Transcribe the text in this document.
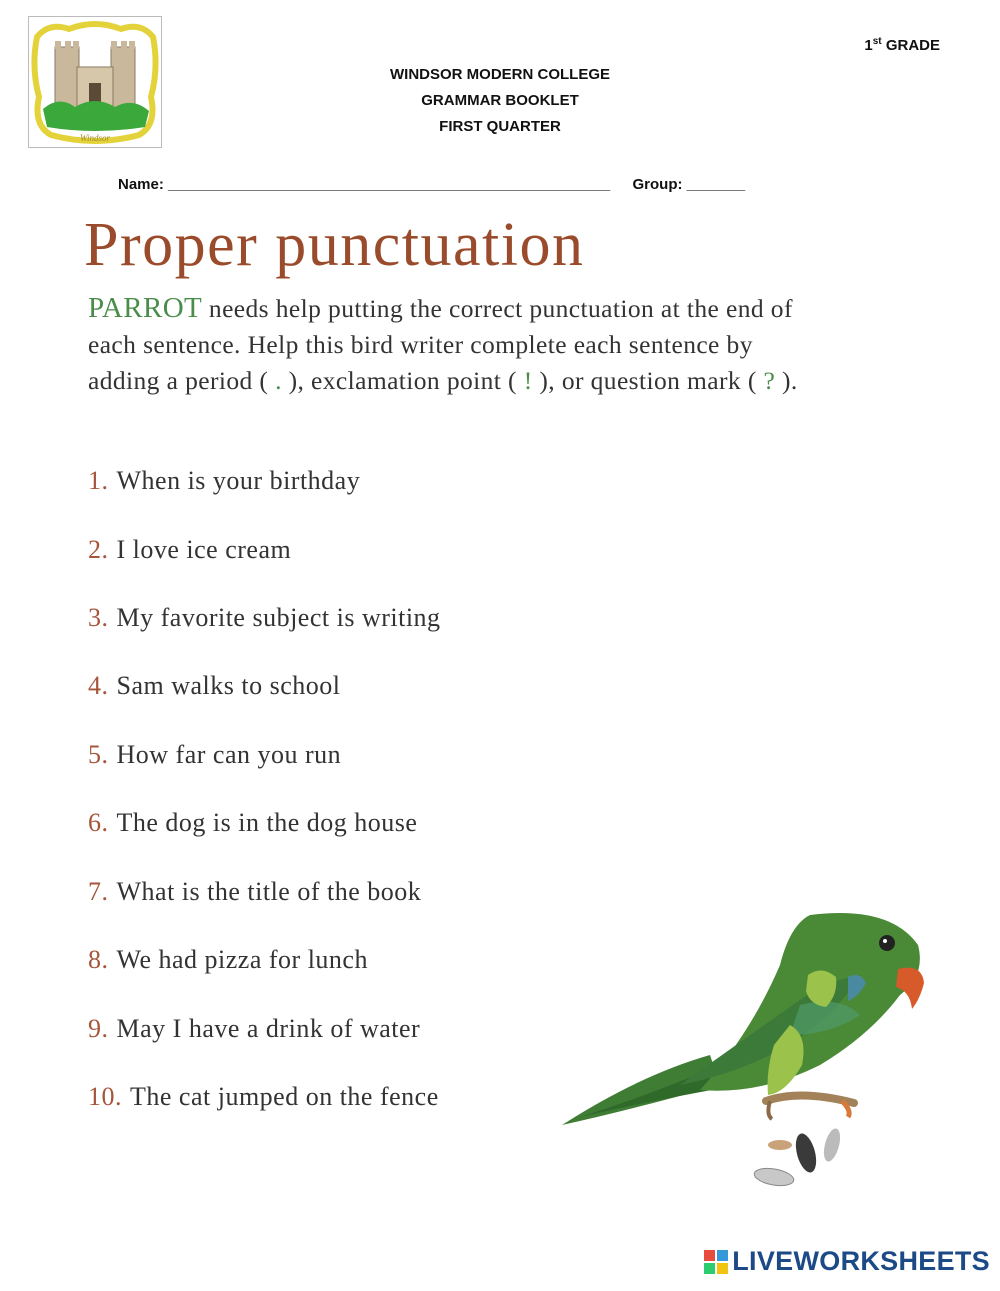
Windsor
1st GRADE
WINDSOR MODERN COLLEGE
GRAMMAR BOOKLET
FIRST QUARTER
Name: _____________________________________________________ Group: _______
Proper punctuation
PARROT needs help putting the correct punctuation at the end of each sentence. Help this bird writer complete each sentence by adding a period ( . ), exclamation point ( ! ), or question mark ( ? ).
1. When is your birthday
2. I love ice cream
3. My favorite subject is writing
4. Sam walks to school
5. How far can you run
6. The dog is in the dog house
7. What is the title of the book
8. We had pizza for lunch
9. May I have a drink of water
10. The cat jumped on the fence
LIVEWORKSHEETS
